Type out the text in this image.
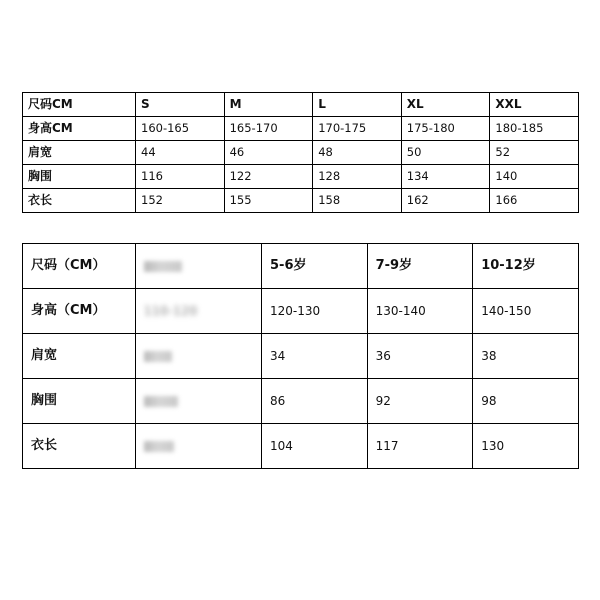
尺码CM	S	M	L	XL	XXL
身高CM	160-165	165-170	170-175	175-180	180-185
肩宽	44	46	48	50	52
胸围	116	122	128	134	140
衣长	152	155	158	162	166
尺码（CM）		5-6岁	7-9岁	10-12岁
身高（CM）	110-120	120-130	130-140	140-150
肩宽		34	36	38
胸围		86	92	98
衣长		104	117	130
